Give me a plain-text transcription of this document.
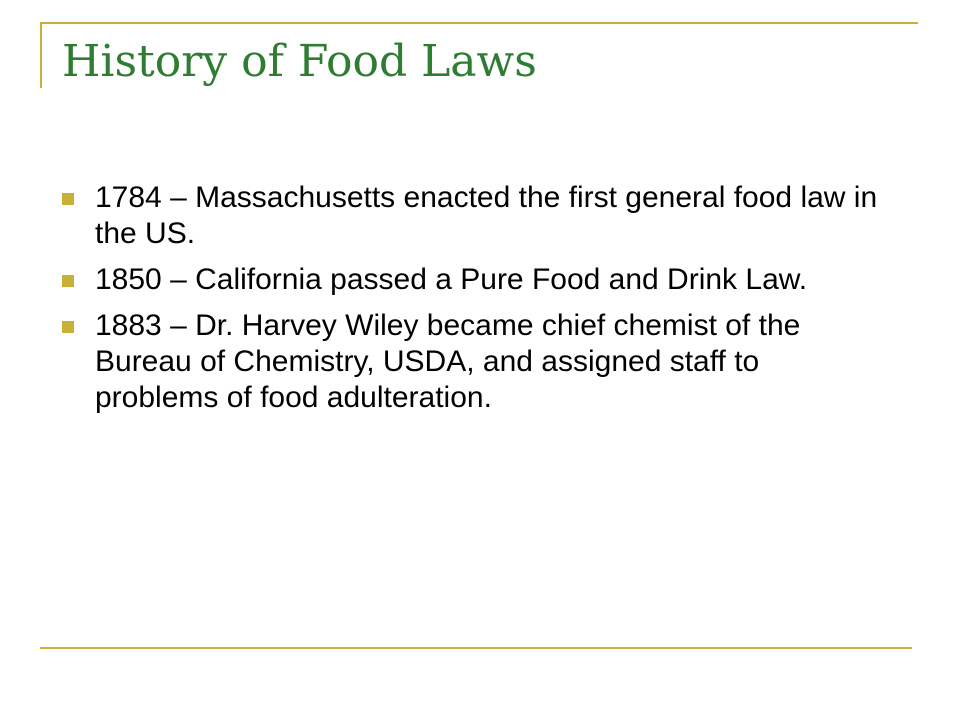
History of Food Laws
1784 – Massachusetts enacted the first general food law in the US.
1850 – California passed a Pure Food and Drink Law.
1883 – Dr. Harvey Wiley became chief chemist of the Bureau of Chemistry, USDA, and assigned staff to problems of food adulteration.
